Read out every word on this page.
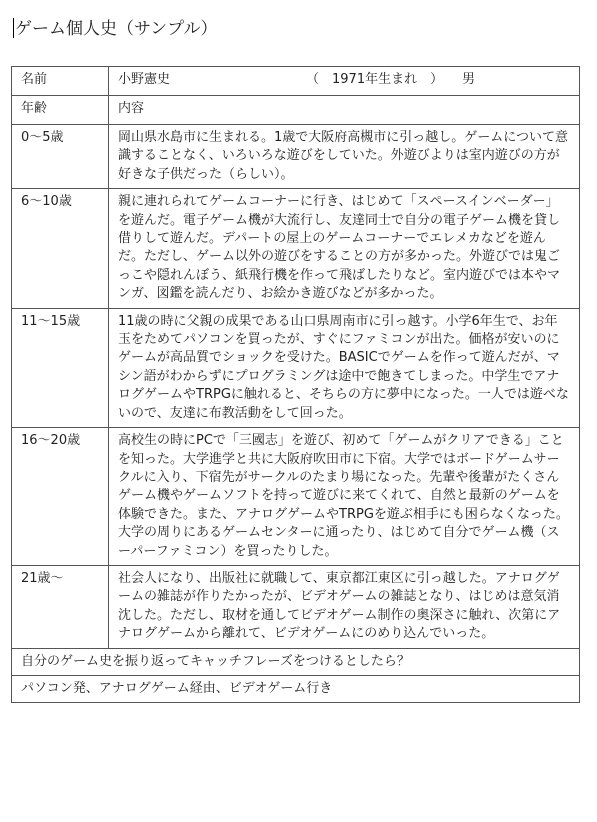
ゲーム個人史（サンプル）
名前	小野憲史 （　1971年生まれ　） 男

年齢	内容
0〜5歳	岡山県水島市に生まれる。1歳で大阪府高槻市に引っ越し。ゲームについて意識することなく、いろいろな遊びをしていた。外遊びよりは室内遊びの方が好きな子供だった（らしい）。
6〜10歳	親に連れられてゲームコーナーに行き、はじめて「スペースインベーダー」を遊んだ。電子ゲーム機が大流行し、友達同士で自分の電子ゲーム機を貸し借りして遊んだ。デパートの屋上のゲームコーナーでエレメカなどを遊んだ。ただし、ゲーム以外の遊びをすることの方が多かった。外遊びでは鬼ごっこや隠れんぼう、紙飛行機を作って飛ばしたりなど。室内遊びでは本やマンガ、図鑑を読んだり、お絵かき遊びなどが多かった。
11〜15歳	11歳の時に父親の成果である山口県周南市に引っ越す。小学6年生で、お年玉をためてパソコンを買ったが、すぐにファミコンが出た。価格が安いのにゲームが高品質でショックを受けた。BASICでゲームを作って遊んだが、マシン語がわからずにプログラミングは途中で飽きてしまった。中学生でアナログゲームやTRPGに触れると、そちらの方に夢中になった。一人では遊べないので、友達に布教活動をして回った。
16〜20歳	高校生の時にPCで「三國志」を遊び、初めて「ゲームがクリアできる」ことを知った。大学進学と共に大阪府吹田市に下宿。大学ではボードゲームサークルに入り、下宿先がサークルのたまり場になった。先輩や後輩がたくさんゲーム機やゲームソフトを持って遊びに来てくれて、自然と最新のゲームを体験できた。また、アナログゲームやTRPGを遊ぶ相手にも困らなくなった。大学の周りにあるゲームセンターに通ったり、はじめて自分でゲーム機（スーパーファミコン）を買ったりした。
21歳〜	社会人になり、出版社に就職して、東京都江東区に引っ越した。アナログゲームの雑誌が作りたかったが、ビデオゲームの雑誌となり、はじめは意気消沈した。ただし、取材を通してビデオゲーム制作の奥深さに触れ、次第にアナログゲームから離れて、ビデオゲームにのめり込んでいった。
自分のゲーム史を振り返ってキャッチフレーズをつけるとしたら？	
パソコン発、アナログゲーム経由、ビデオゲーム行き	
